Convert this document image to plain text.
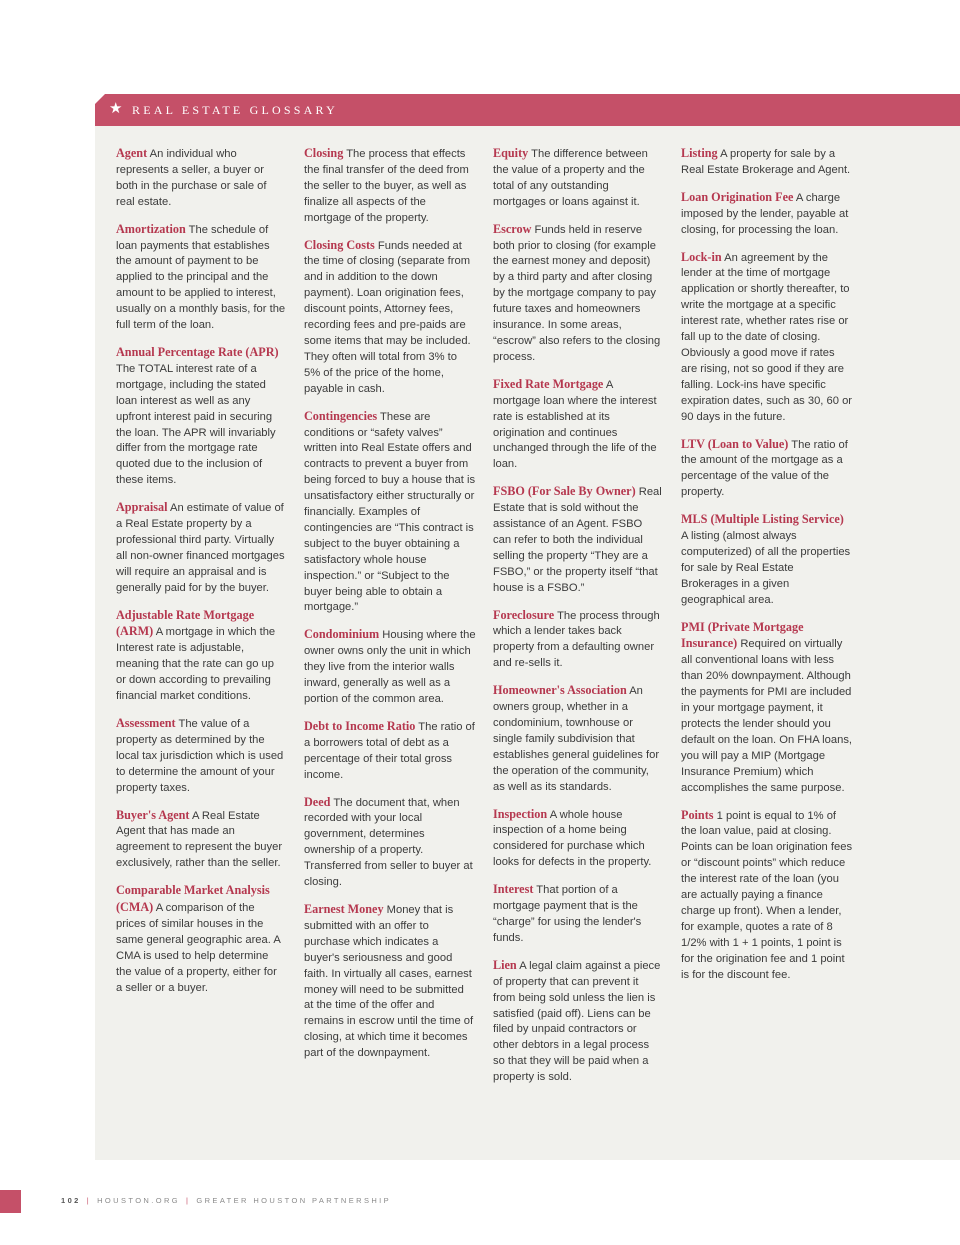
★ REAL ESTATE GLOSSARY

Agent An individual who represents a seller, a buyer or both in the purchase or sale of real estate.

Amortization The schedule of loan payments that establishes the amount of payment to be applied to the principal and the amount to be applied to interest, usually on a monthly basis, for the full term of the loan.

Annual Percentage Rate (APR) The TOTAL interest rate of a mortgage, including the stated loan interest as well as any upfront interest paid in securing the loan. The APR will invariably differ from the mortgage rate quoted due to the inclusion of these items.

Appraisal An estimate of value of a Real Estate property by a professional third party. Virtually all non-owner financed mortgages will require an appraisal and is generally paid for by the buyer.

Adjustable Rate Mortgage (ARM) A mortgage in which the Interest rate is adjustable, meaning that the rate can go up or down according to prevailing financial market conditions.

Assessment The value of a property as determined by the local tax jurisdiction which is used to determine the amount of your property taxes.

Buyer's Agent A Real Estate Agent that has made an agreement to represent the buyer exclusively, rather than the seller.

Comparable Market Analysis (CMA) A comparison of the prices of similar houses in the same general geographic area. A CMA is used to help determine the value of a property, either for a seller or a buyer.

Closing The process that effects the final transfer of the deed from the seller to the buyer, as well as finalize all aspects of the mortgage of the property.

Closing Costs Funds needed at the time of closing (separate from and in addition to the down payment). Loan origination fees, discount points, Attorney fees, recording fees and pre-paids are some items that may be included. They often will total from 3% to 5% of the price of the home, payable in cash.

Contingencies These are conditions or “safety valves” written into Real Estate offers and contracts to prevent a buyer from being forced to buy a house that is unsatisfactory either structurally or financially. Examples of contingencies are “This contract is subject to the buyer obtaining a satisfactory whole house inspection.” or “Subject to the buyer being able to obtain a mortgage.”

Condominium Housing where the owner owns only the unit in which they live from the interior walls inward, generally as well as a portion of the common area.

Debt to Income Ratio The ratio of a borrowers total of debt as a percentage of their total gross income.

Deed The document that, when recorded with your local government, determines ownership of a property. Transferred from seller to buyer at closing.

Earnest Money Money that is submitted with an offer to purchase which indicates a buyer's seriousness and good faith. In virtually all cases, earnest money will need to be submitted at the time of the offer and remains in escrow until the time of closing, at which time it becomes part of the downpayment.

Equity The difference between the value of a property and the total of any outstanding mortgages or loans against it.

Escrow Funds held in reserve both prior to closing (for example the earnest money and deposit) by a third party and after closing by the mortgage company to pay future taxes and homeowners insurance. In some areas, “escrow” also refers to the closing process.

Fixed Rate Mortgage A mortgage loan where the interest rate is established at its origination and continues unchanged through the life of the loan.

FSBO (For Sale By Owner) Real Estate that is sold without the assistance of an Agent. FSBO can refer to both the individual selling the property “They are a FSBO,” or the property itself “that house is a FSBO.”

Foreclosure The process through which a lender takes back property from a defaulting owner and re-sells it.

Homeowner's Association An owners group, whether in a condominium, townhouse or single family subdivision that establishes general guidelines for the operation of the community, as well as its standards.

Inspection A whole house inspection of a home being considered for purchase which looks for defects in the property.

Interest That portion of a mortgage payment that is the “charge” for using the lender's funds.

Lien A legal claim against a piece of property that can prevent it from being sold unless the lien is satisfied (paid off). Liens can be filed by unpaid contractors or other debtors in a legal process so that they will be paid when a property is sold.

Listing A property for sale by a Real Estate Brokerage and Agent.

Loan Origination Fee A charge imposed by the lender, payable at closing, for processing the loan.

Lock-in An agreement by the lender at the time of mortgage application or shortly thereafter, to write the mortgage at a specific interest rate, whether rates rise or fall up to the date of closing. Obviously a good move if rates are rising, not so good if they are falling. Lock-ins have specific expiration dates, such as 30, 60 or 90 days in the future.

LTV (Loan to Value) The ratio of the amount of the mortgage as a percentage of the value of the property.

MLS (Multiple Listing Service) A listing (almost always computerized) of all the properties for sale by Real Estate Brokerages in a given geographical area.

PMI (Private Mortgage Insurance) Required on virtually all conventional loans with less than 20% downpayment. Although the payments for PMI are included in your mortgage payment, it protects the lender should you default on the loan. On FHA loans, you will pay a MIP (Mortgage Insurance Premium) which accomplishes the same purpose.

Points 1 point is equal to 1% of the loan value, paid at closing. Points can be loan origination fees or “discount points” which reduce the interest rate of the loan (you are actually paying a finance charge up front). When a lender, for example, quotes a rate of 8 1/2% with 1 + 1 points, 1 point is for the origination fee and 1 point is for the discount fee.

102 | HOUSTON.ORG | GREATER HOUSTON PARTNERSHIP
